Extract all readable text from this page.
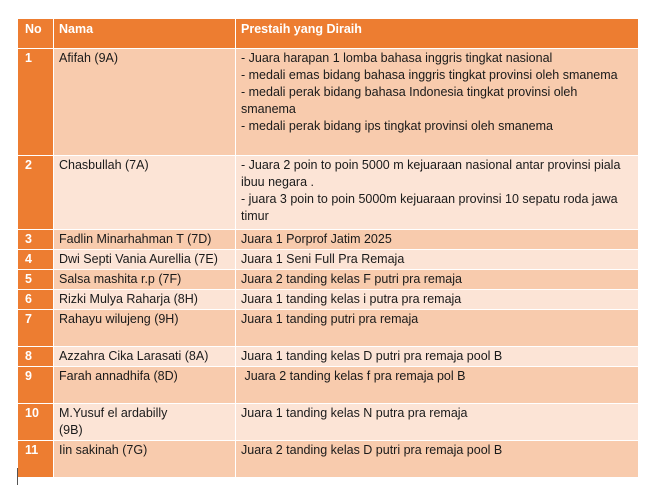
No	Nama	Prestaih yang Diraih
1	Afifah (9A)	- Juara harapan 1 lomba bahasa inggris tingkat nasional
- medali emas bidang bahasa inggris tingkat provinsi oleh smanema
- medali perak bidang bahasa Indonesia tingkat provinsi oleh smanema
- medali perak bidang ips tingkat provinsi oleh smanema

2	Chasbullah (7A)	- Juara 2 poin to poin 5000 m kejuaraan nasional antar provinsi piala ibuu negara .
- juara 3 poin to poin 5000m kejuaraan provinsi 10 sepatu roda jawa timur

3	Fadlin Minarhahman T (7D)	Juara 1 Porprof Jatim 2025
4	Dwi Septi Vania Aurellia (7E)	Juara 1 Seni Full Pra Remaja
5	Salsa mashita r.p (7F)	Juara 2 tanding kelas F putri pra remaja
6	Rizki Mulya Raharja (8H)	Juara 1 tanding kelas i putra pra remaja
7	Rahayu wilujeng (9H)	Juara 1 tanding putri pra remaja
8	Azzahra Cika Larasati (8A)	Juara 1 tanding kelas D putri pra remaja pool B
9	Farah annadhifa (8D)	Juara 2 tanding kelas f pra remaja pol B
10	M.Yusuf el ardabilly (9B)	Juara 1 tanding kelas N putra pra remaja
11	Iin sakinah (7G)	Juara 2 tanding kelas D putri pra remaja pool B
